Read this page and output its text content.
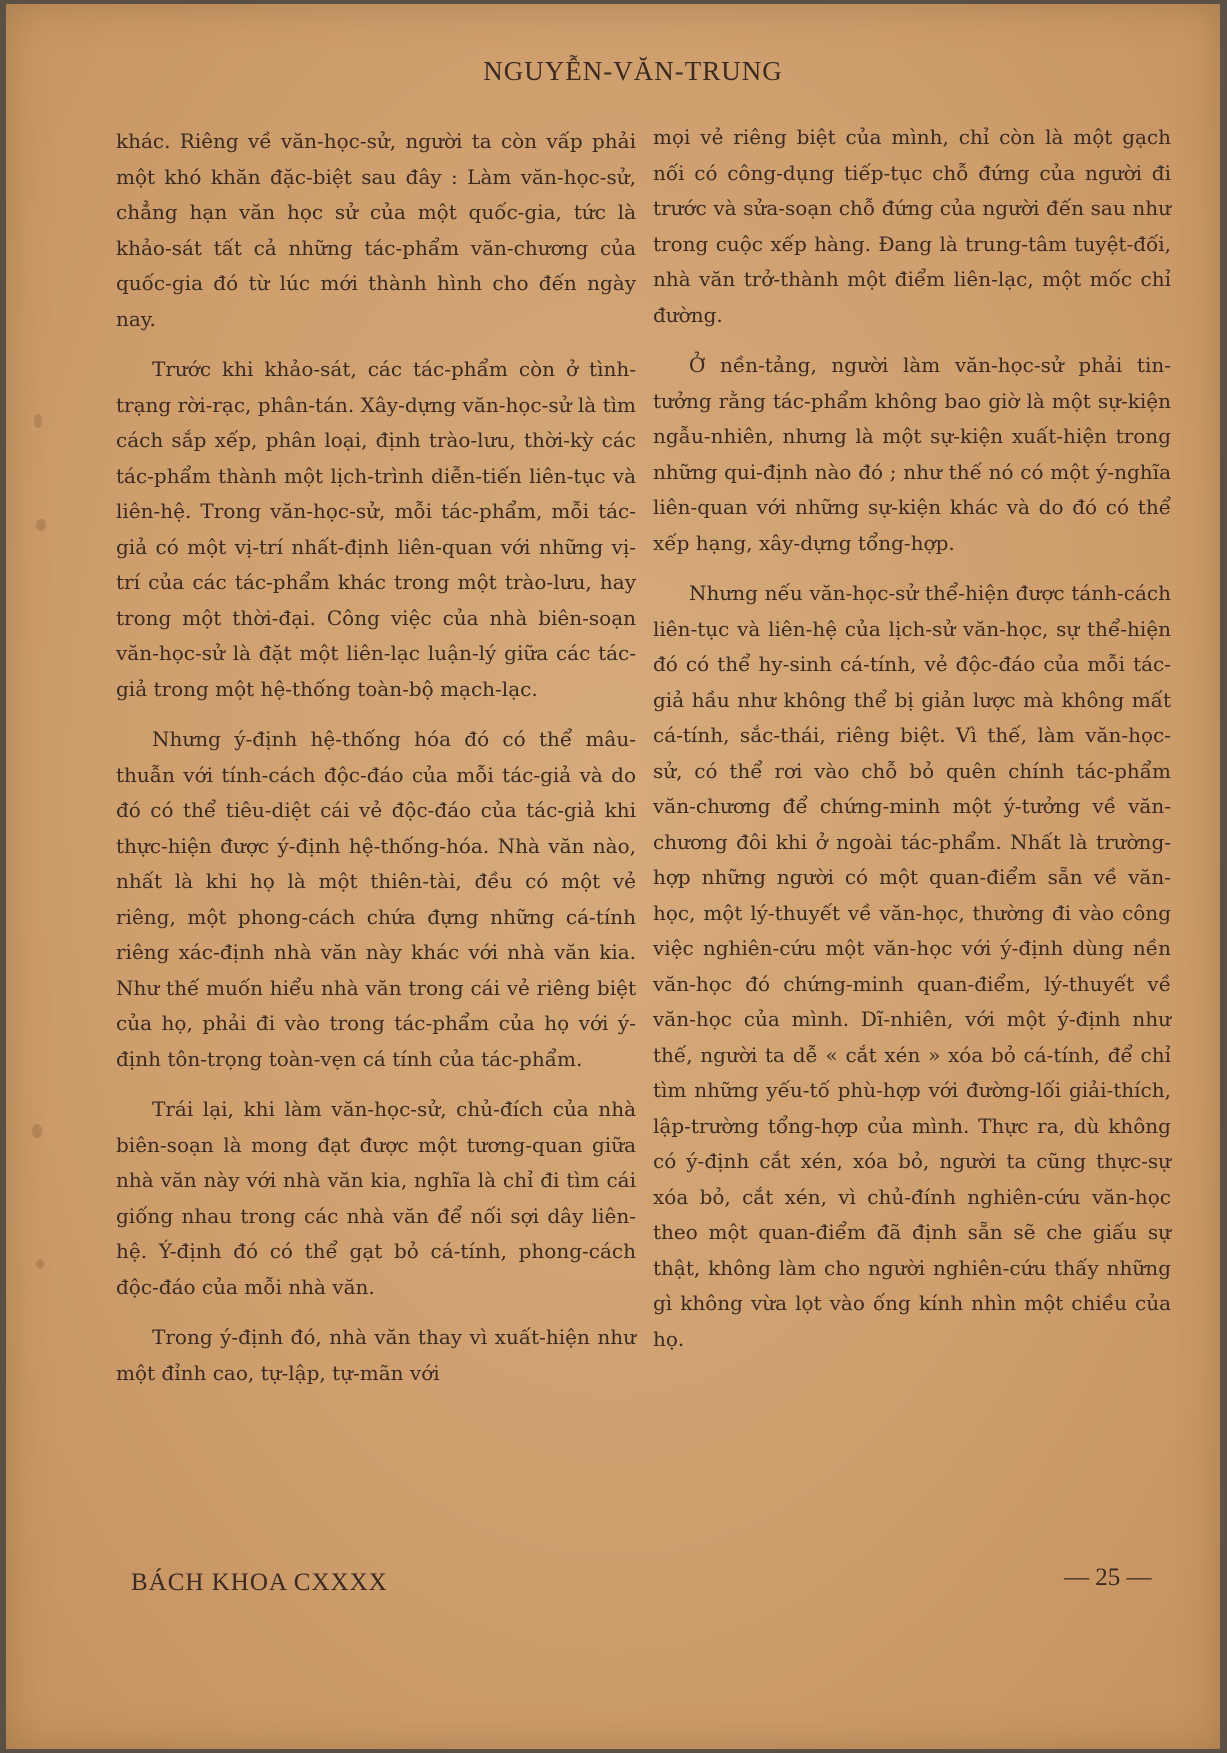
NGUYỄN-VĂN-TRUNG

khác. Riêng về văn-học-sử, người ta còn vấp phải một khó khăn đặc-biệt sau đây : Làm văn-học-sử, chẳng hạn văn học sử của một quốc-gia, tức là khảo-sát tất cả những tác-phẩm văn-chương của quốc-gia đó từ lúc mới thành hình cho đến ngày nay.

Trước khi khảo-sát, các tác-phẩm còn ở tình-trạng rời-rạc, phân-tán. Xây-dựng văn-học-sử là tìm cách sắp xếp, phân loại, định trào-lưu, thời-kỳ các tác-phẩm thành một lịch-trình diễn-tiến liên-tục và liên-hệ. Trong văn-học-sử, mỗi tác-phẩm, mỗi tác-giả có một vị-trí nhất-định liên-quan với những vị-trí của các tác-phẩm khác trong một trào-lưu, hay trong một thời-đại. Công việc của nhà biên-soạn văn-học-sử là đặt một liên-lạc luận-lý giữa các tác-giả trong một hệ-thống toàn-bộ mạch-lạc.

Nhưng ý-định hệ-thống hóa đó có thể mâu-thuẫn với tính-cách độc-đáo của mỗi tác-giả và do đó có thể tiêu-diệt cái vẻ độc-đáo của tác-giả khi thực-hiện được ý-định hệ-thống-hóa. Nhà văn nào, nhất là khi họ là một thiên-tài, đều có một vẻ riêng, một phong-cách chứa đựng những cá-tính riêng xác-định nhà văn này khác với nhà văn kia. Như thế muốn hiểu nhà văn trong cái vẻ riêng biệt của họ, phải đi vào trong tác-phẩm của họ với ý-định tôn-trọng toàn-vẹn cá tính của tác-phẩm.

Trái lại, khi làm văn-học-sử, chủ-đích của nhà biên-soạn là mong đạt được một tương-quan giữa nhà văn này với nhà văn kia, nghĩa là chỉ đi tìm cái giống nhau trong các nhà văn để nối sợi dây liên-hệ. Ý-định đó có thể gạt bỏ cá-tính, phong-cách độc-đáo của mỗi nhà văn.

Trong ý-định đó, nhà văn thay vì xuất-hiện như một đỉnh cao, tự-lập, tự-mãn với

mọi vẻ riêng biệt của mình, chỉ còn là một gạch nối có công-dụng tiếp-tục chỗ đứng của người đi trước và sửa-soạn chỗ đứng của người đến sau như trong cuộc xếp hàng. Đang là trung-tâm tuyệt-đối, nhà văn trở-thành một điểm liên-lạc, một mốc chỉ đường.

Ở nền-tảng, người làm văn-học-sử phải tin-tưởng rằng tác-phẩm không bao giờ là một sự-kiện ngẫu-nhiên, nhưng là một sự-kiện xuất-hiện trong những qui-định nào đó ; như thế nó có một ý-nghĩa liên-quan với những sự-kiện khác và do đó có thể xếp hạng, xây-dựng tổng-hợp.

Nhưng nếu văn-học-sử thể-hiện được tánh-cách liên-tục và liên-hệ của lịch-sử văn-học, sự thể-hiện đó có thể hy-sinh cá-tính, vẻ độc-đáo của mỗi tác-giả hầu như không thể bị giản lược mà không mất cá-tính, sắc-thái, riêng biệt. Vì thế, làm văn-học-sử, có thể rơi vào chỗ bỏ quên chính tác-phẩm văn-chương để chứng-minh một ý-tưởng về văn-chương đôi khi ở ngoài tác-phẩm. Nhất là trường-hợp những người có một quan-điểm sẵn về văn-học, một lý-thuyết về văn-học, thường đi vào công việc nghiên-cứu một văn-học với ý-định dùng nền văn-học đó chứng-minh quan-điểm, lý-thuyết về văn-học của mình. Dĩ-nhiên, với một ý-định như thế, người ta dễ « cắt xén » xóa bỏ cá-tính, để chỉ tìm những yếu-tố phù-hợp với đường-lối giải-thích, lập-trường tổng-hợp của mình. Thực ra, dù không có ý-định cắt xén, xóa bỏ, người ta cũng thực-sự xóa bỏ, cắt xén, vì chủ-đính nghiên-cứu văn-học theo một quan-điểm đã định sẵn sẽ che giấu sự thật, không làm cho người nghiên-cứu thấy những gì không vừa lọt vào ống kính nhìn một chiều của họ.

BÁCH KHOA CXXXX	— 25 —
